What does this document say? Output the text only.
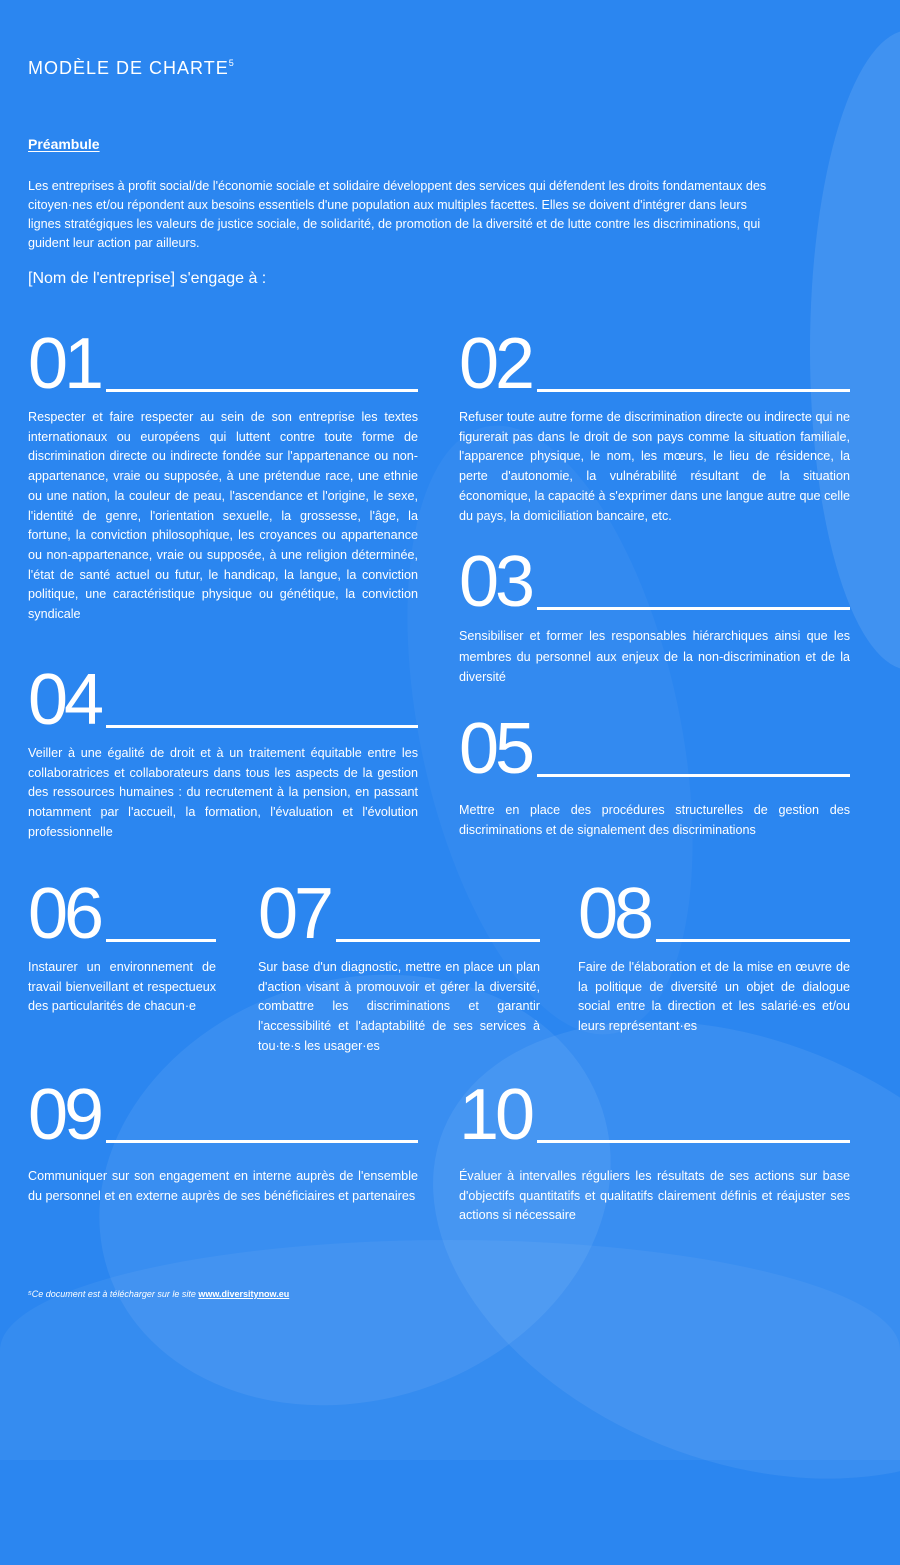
MODÈLE DE CHARTE$^5$
Préambule
Les entreprises à profit social/de l'économie sociale et solidaire développent des services qui défendent les droits fondamentaux des citoyen·nes et/ou répondent aux besoins essentiels d'une population aux multiples facettes. Elles se doivent d'intégrer dans leurs lignes stratégiques les valeurs de justice sociale, de solidarité, de promotion de la diversité et de lutte contre les discriminations, qui guident leur action par ailleurs.
[Nom de l'entreprise] s'engage à :
01
Respecter et faire respecter au sein de son entreprise les textes internationaux ou européens qui luttent contre toute forme de discrimination directe ou indirecte fondée sur l'appartenance ou non-appartenance, vraie ou supposée, à une prétendue race, une ethnie ou une nation, la couleur de peau, l'ascendance et l'origine, le sexe, l'identité de genre, l'orientation sexuelle, la grossesse, l'âge, la fortune, la conviction philosophique, les croyances ou appartenance ou non-appartenance, vraie ou supposée, à une religion déterminée, l'état de santé actuel ou futur, le handicap, la langue, la conviction politique, une caractéristique physique ou génétique, la conviction syndicale
02
Refuser toute autre forme de discrimination directe ou indirecte qui ne figurerait pas dans le droit de son pays comme la situation familiale, l'apparence physique, le nom, les mœurs, le lieu de résidence, la perte d'autonomie, la vulnérabilité résultant de la situation économique, la capacité à s'exprimer dans une langue autre que celle du pays, la domiciliation bancaire, etc.
03
Sensibiliser et former les responsables hiérarchiques ainsi que les membres du personnel aux enjeux de la non-discrimination et de la diversité
04
Veiller à une égalité de droit et à un traitement équitable entre les collaboratrices et collaborateurs dans tous les aspects de la gestion des ressources humaines : du recrutement à la pension, en passant notamment par l'accueil, la formation, l'évaluation et l'évolution professionnelle
05
Mettre en place des procédures structurelles de gestion des discriminations et de signalement des discriminations
06
Instaurer un environnement de travail bienveillant et respectueux des particularités de chacun·e
07
Sur base d'un diagnostic, mettre en place un plan d'action visant à promouvoir et gérer la diversité, combattre les discriminations et garantir l'accessibilité et l'adaptabilité de ses services à tou·te·s les usager·es
08
Faire de l'élaboration et de la mise en œuvre de la politique de diversité un objet de dialogue social entre la direction et les salarié·es et/ou leurs représentant·es
09
Communiquer sur son engagement en interne auprès de l'ensemble du personnel et en externe auprès de ses bénéficiaires et partenaires
10
Évaluer à intervalles réguliers les résultats de ses actions sur base d'objectifs quantitatifs et qualitatifs clairement définis et réajuster ses actions si nécessaire
⁵Ce document est à télécharger sur le site www.diversitynow.eu
